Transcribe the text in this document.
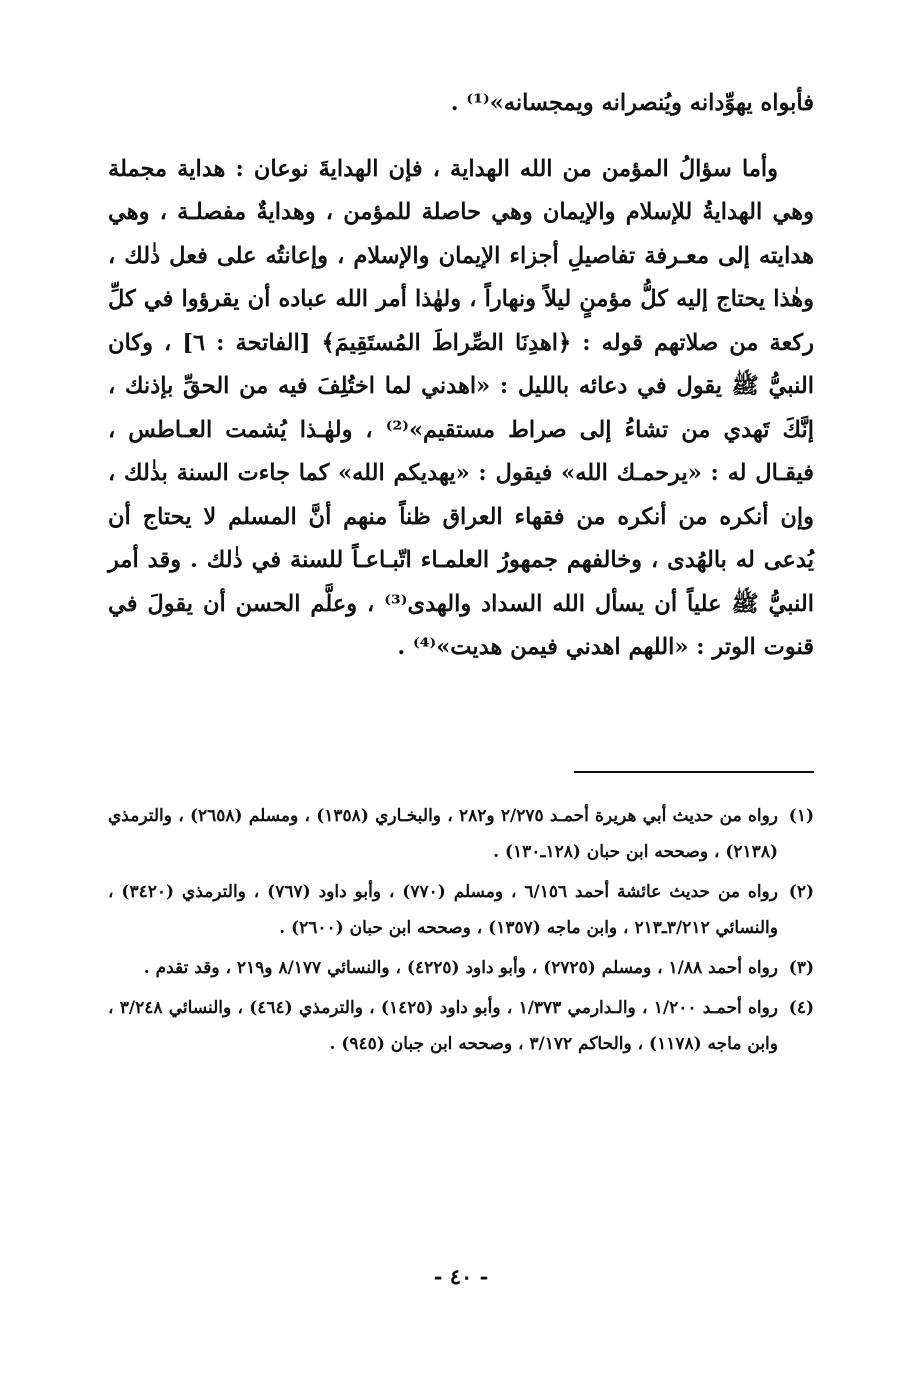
فأبواه يهوِّدانه ويُنصرانه ويمجسانه»⁽¹⁾ .

وأما سؤالُ المؤمن من الله الهداية ، فإن الهدايةَ نوعان : هداية مجملة وهي الهدايةُ للإسلام والإيمان وهي حاصلة للمؤمن ، وهدايةٌ مفصلـة ، وهي هدايته إلى معـرفة تفاصيلِ أجزاء الإيمان والإسلام ، وإعانتُه على فعل ذٰلك ، وهٰذا يحتاج إليه كلُّ مؤمنٍ ليلاً ونهاراً ، ولهٰذا أمر الله عباده أن يقرؤوا في كلِّ ركعة من صلاتهم قوله : ﴿اهدِنَا الصِّراطَ المُستَقِيمَ﴾ [الفاتحة : ٦] ، وكان النبيُّ ﷺ يقول في دعائه بالليل : «اهدني لما اختُلِفَ فيه من الحقِّ بإذنك ، إنَّكَ تَهدي من تشاءُ إلى صراط مستقيم»⁽²⁾ ، ولهٰـذا يُشمت العـاطس ، فيقـال له : «يرحمـك الله» فيقول : «يهديكم الله» كما جاءت السنة بذٰلك ، وإن أنكره من أنكره من فقهاء العراق ظناً منهم أنَّ المسلم لا يحتاج أن يُدعى له بالهُدى ، وخالفهم جمهورُ العلمـاء اتّبـاعـاً للسنة في ذٰلك . وقد أمر النبيُّ ﷺ علياً أن يسأل الله السداد والهدى⁽³⁾ ، وعلَّم الحسن أن يقولَ في قنوت الوتر : «اللهم اهدني فيمن هديت»⁽⁴⁾ .

(١)
رواه من حديث أبي هريرة أحمـد ٢/٢٧٥ و٢٨٢ ، والبخـاري (١٣٥٨) ، ومسلم (٢٦٥٨) ، والترمذي (٢١٣٨) ، وصححه ابن حبان (١٢٨ـ١٣٠) .
(٢)
رواه من حديث عائشة أحمد ٦/١٥٦ ، ومسلم (٧٧٠) ، وأبو داود (٧٦٧) ، والترمذي (٣٤٢٠) ، والنسائي ٣/٢١٢ـ٢١٣ ، وابن ماجه (١٣٥٧) ، وصححه ابن حبان (٢٦٠٠) .
(٣)
رواه أحمد ١/٨٨ ، ومسلم (٢٧٢٥) ، وأبو داود (٤٢٢٥) ، والنسائي ٨/١٧٧ و٢١٩ ، وقد تقدم .
(٤)
رواه أحمـد ١/٢٠٠ ، والـدارمي ١/٣٧٣ ، وأبو داود (١٤٢٥) ، والترمذي (٤٦٤) ، والنسائي ٣/٢٤٨ ، وابن ماجه (١١٧٨) ، والحاكم ٣/١٧٢ ، وصححه ابن جبان (٩٤٥) .
- ٤٠ -
